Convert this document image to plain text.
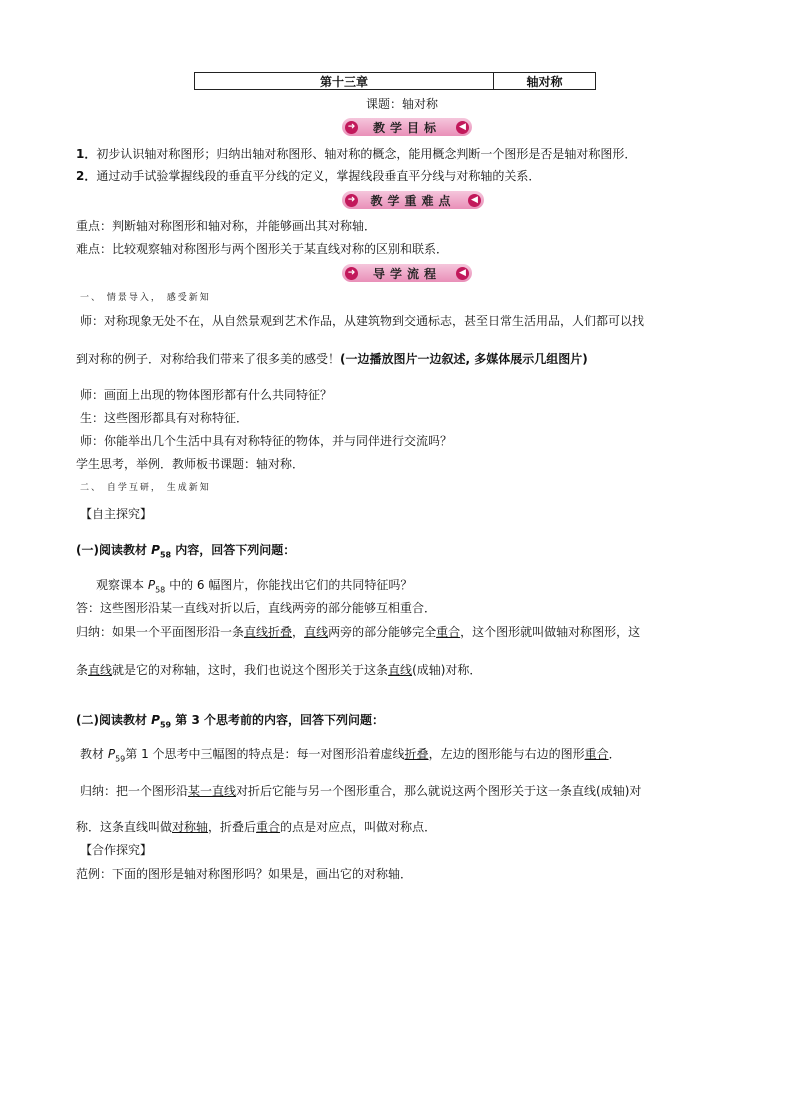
第十三章	轴对称
课题：轴对称
➜ 教学目标	◀
1．初步认识轴对称图形；归纳出轴对称图形、轴对称的概念，能用概念判断一个图形是否是轴对称图形．
2．通过动手试验掌握线段的垂直平分线的定义，掌握线段垂直平分线与对称轴的关系．
➜ 教学重难点	◀
重点：判断轴对称图形和轴对称，并能够画出其对称轴．
难点：比较观察轴对称图形与两个图形关于某直线对称的区别和联系．
➜ 导学流程	◀
一、 情景导入， 感受新知
师：对称现象无处不在，从自然景观到艺术作品，从建筑物到交通标志，甚至日常生活用品，人们都可以找
到对称的例子．对称给我们带来了很多美的感受！(一边播放图片一边叙述, 多媒体展示几组图片)
师：画面上出现的物体图形都有什么共同特征？
生：这些图形都具有对称特征．
师：你能举出几个生活中具有对称特征的物体，并与同伴进行交流吗？
学生思考，举例．教师板书课题：轴对称．
二、 自学互研， 生成新知
【自主探究】
(一)阅读教材 $P_{58}$ 内容，回答下列问题：
观察课本 $P_{58}$ 中的 6 幅图片，你能找出它们的共同特征吗？
答：这些图形沿某一直线对折以后，直线两旁的部分能够互相重合．
归纳：如果一个平面图形沿一条直线折叠，直线两旁的部分能够完全重合，这个图形就叫做轴对称图形，这
条直线就是它的对称轴，这时，我们也说这个图形关于这条直线(成轴)对称．
(二)阅读教材 $P_{59}$ 第 3 个思考前的内容，回答下列问题：
教材 $P_{59}$第 1 个思考中三幅图的特点是：每一对图形沿着虚线折叠，左边的图形能与右边的图形重合．
归纳：把一个图形沿某一直线对折后它能与另一个图形重合，那么就说这两个图形关于这一条直线(成轴)对
称．这条直线叫做对称轴，折叠后重合的点是对应点，叫做对称点．
【合作探究】
范例：下面的图形是轴对称图形吗？如果是，画出它的对称轴．
